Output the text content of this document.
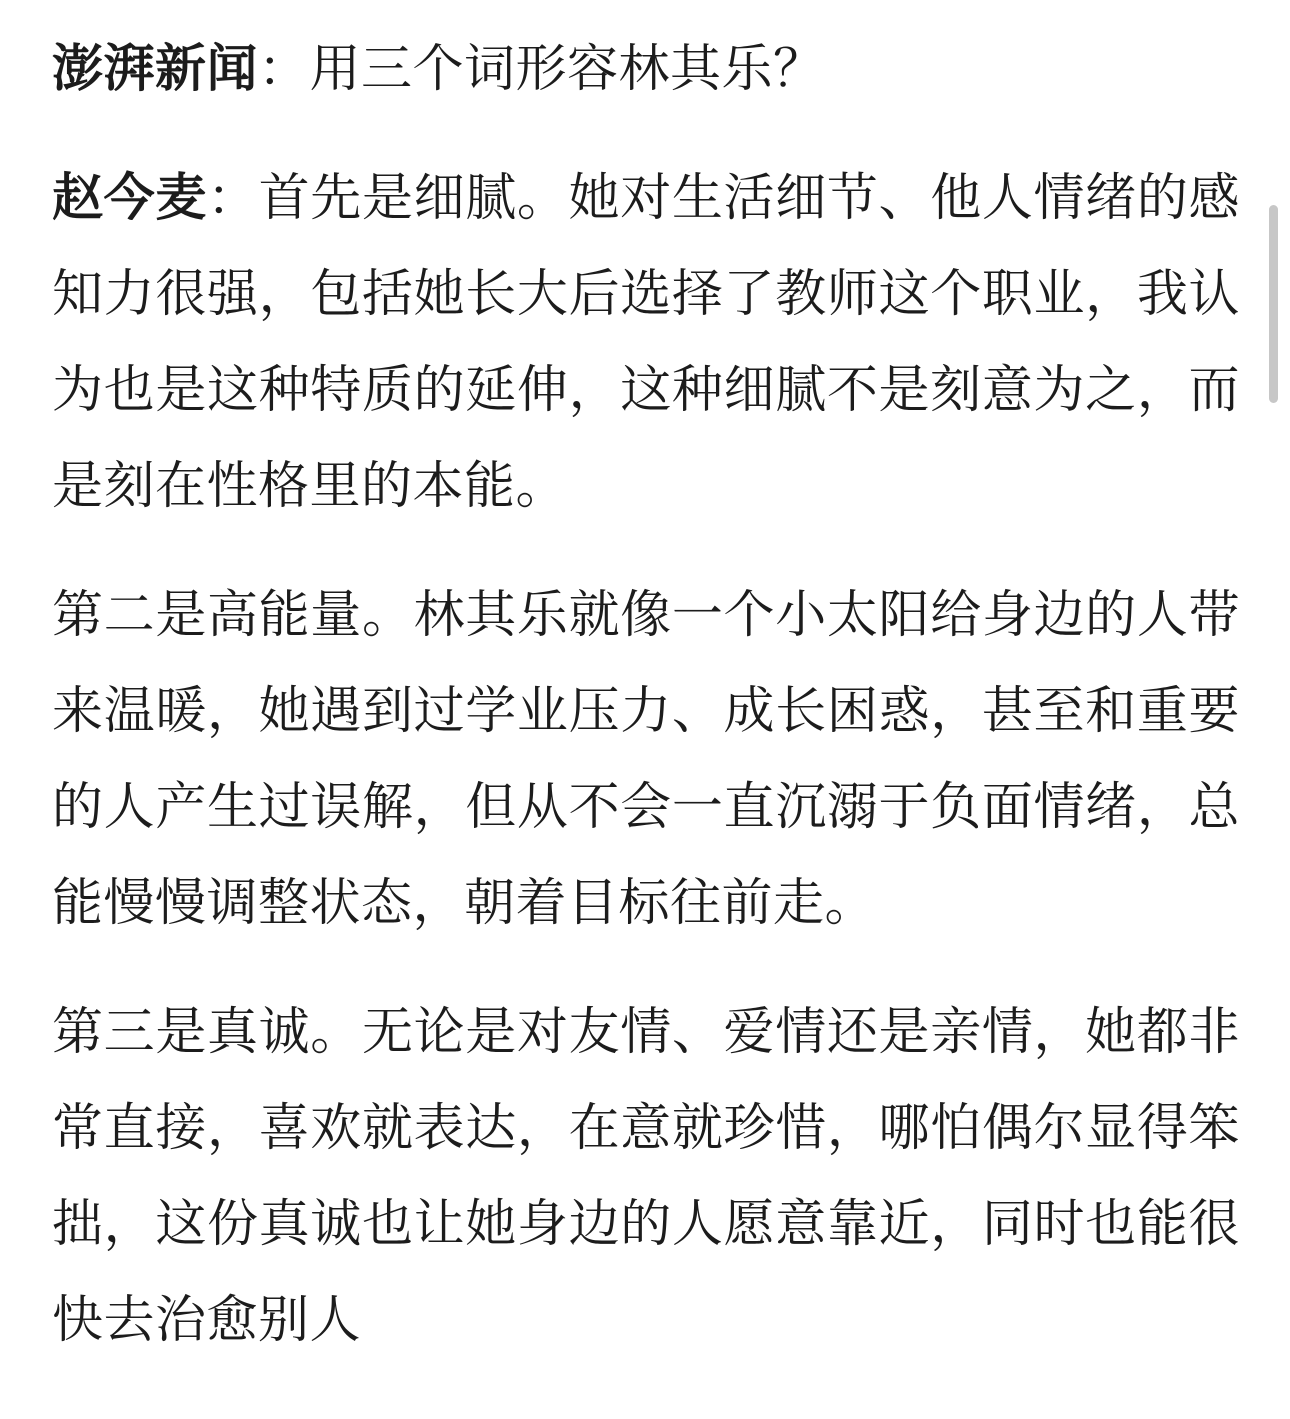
澎湃新闻：用三个词形容林其乐？

赵今麦：首先是细腻。她对生活细节、他人情绪的感知力很强，包括她长大后选择了教师这个职业，我认为也是这种特质的延伸，这种细腻不是刻意为之，而是刻在性格里的本能。

第二是高能量。林其乐就像一个小太阳给身边的人带来温暖，她遇到过学业压力、成长困惑，甚至和重要的人产生过误解，但从不会一直沉溺于负面情绪，总能慢慢调整状态，朝着目标往前走。

第三是真诚。无论是对友情、爱情还是亲情，她都非常直接，喜欢就表达，在意就珍惜，哪怕偶尔显得笨拙，这份真诚也让她身边的人愿意靠近，同时也能很快去治愈别人
